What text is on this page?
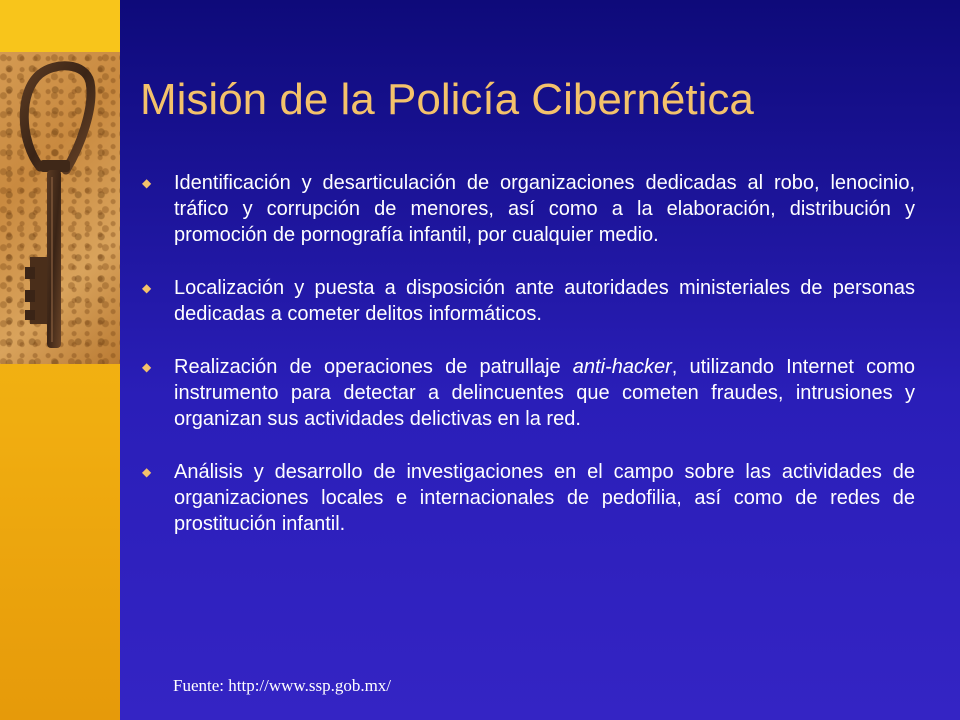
Misión de la Policía Cibernética
◆ Identificación y desarticulación de organizaciones dedicadas al robo, lenocinio, tráfico y corrupción de menores, así como a la elaboración, distribución y promoción de pornografía infantil, por cualquier medio.
◆ Localización y puesta a disposición ante autoridades ministeriales de personas dedicadas a cometer delitos informáticos.
◆ Realización de operaciones de patrullaje anti-hacker, utilizando Internet como instrumento para detectar a delincuentes que cometen fraudes, intrusiones y organizan sus actividades delictivas en la red.
◆ Análisis y desarrollo de investigaciones en el campo sobre las actividades de organizaciones locales e internacionales de pedofilia, así como de redes de prostitución infantil.
Fuente: http://www.ssp.gob.mx/
